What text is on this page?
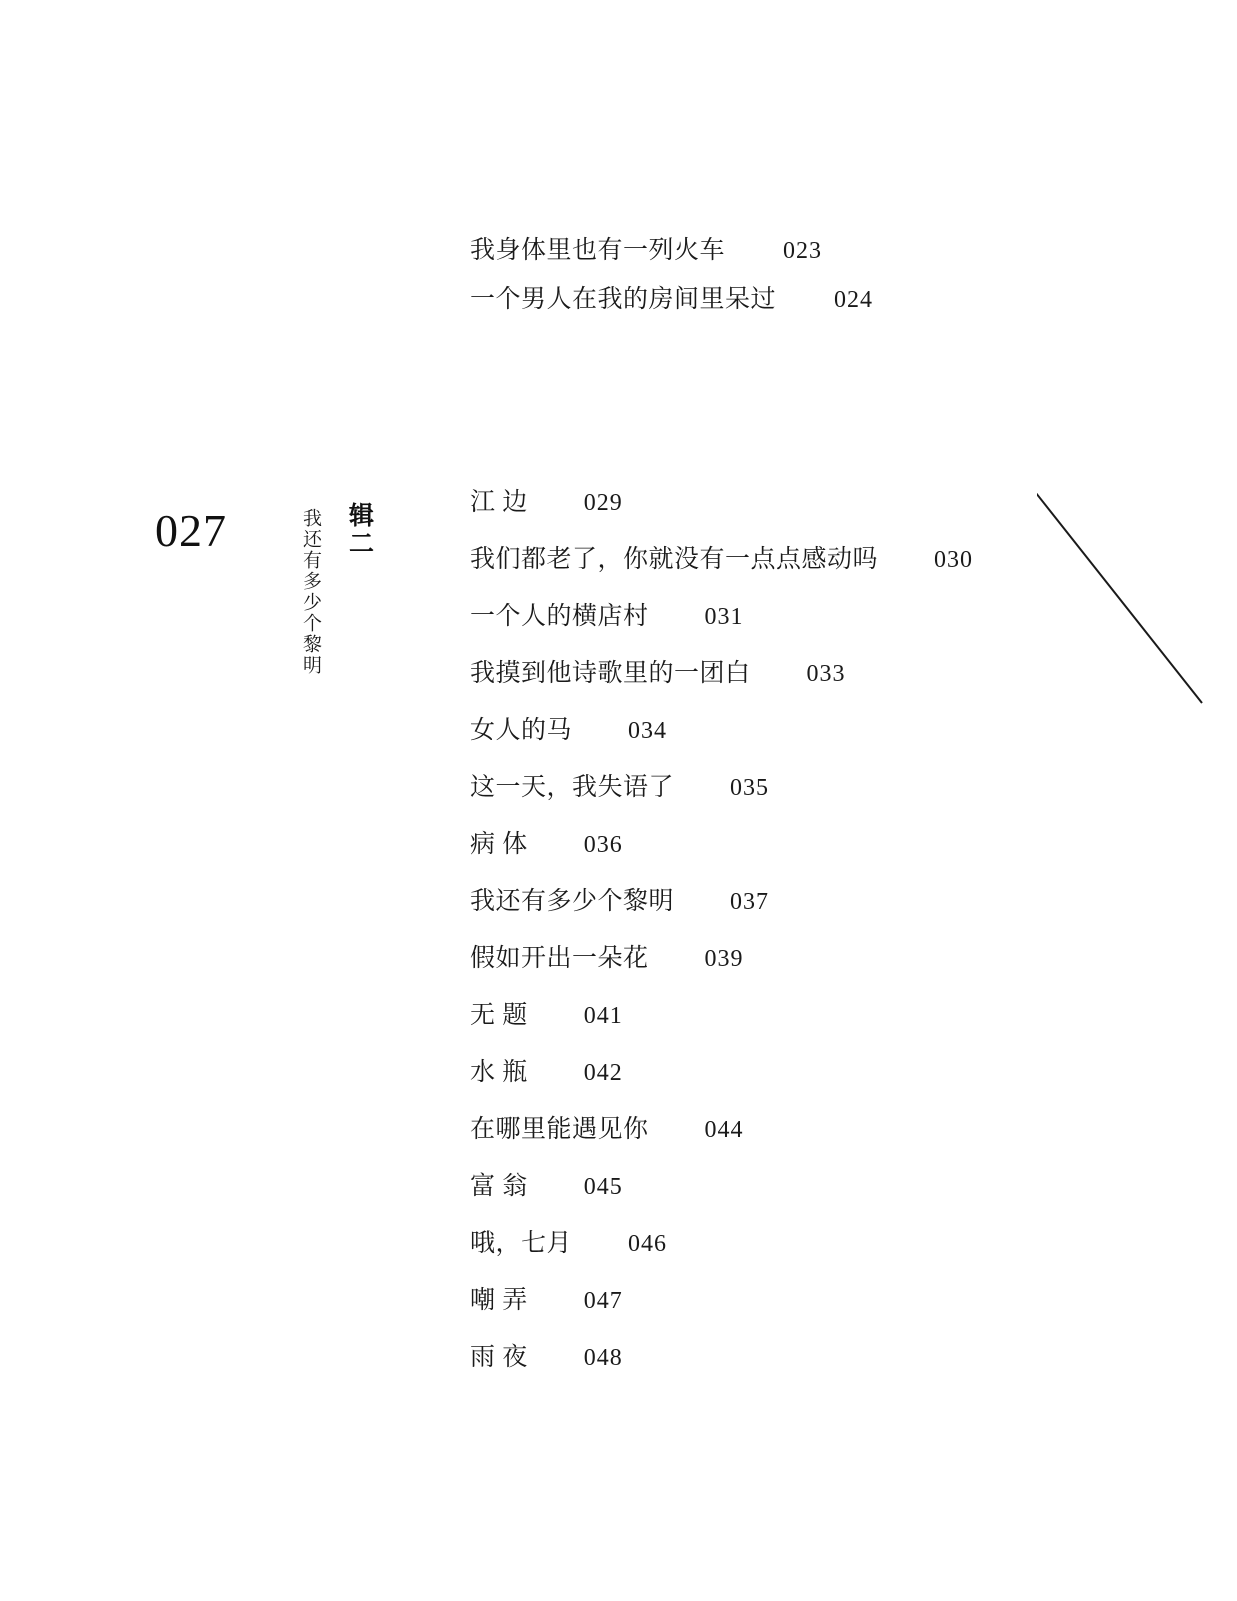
我身体里也有一列火车 023
一个男人在我的房间里呆过 024
027	我还有多少个黎明 辑二	江 边 029
我们都老了，你就没有一点点感动吗 030
一个人的横店村 031
我摸到他诗歌里的一团白 033
女人的马 034
这一天，我失语了 035
病 体 036
我还有多少个黎明 037
假如开出一朵花 039
无 题 041
水 瓶 042
在哪里能遇见你 044
富 翁 045
哦，七月 046
嘲 弄 047
雨 夜 048
